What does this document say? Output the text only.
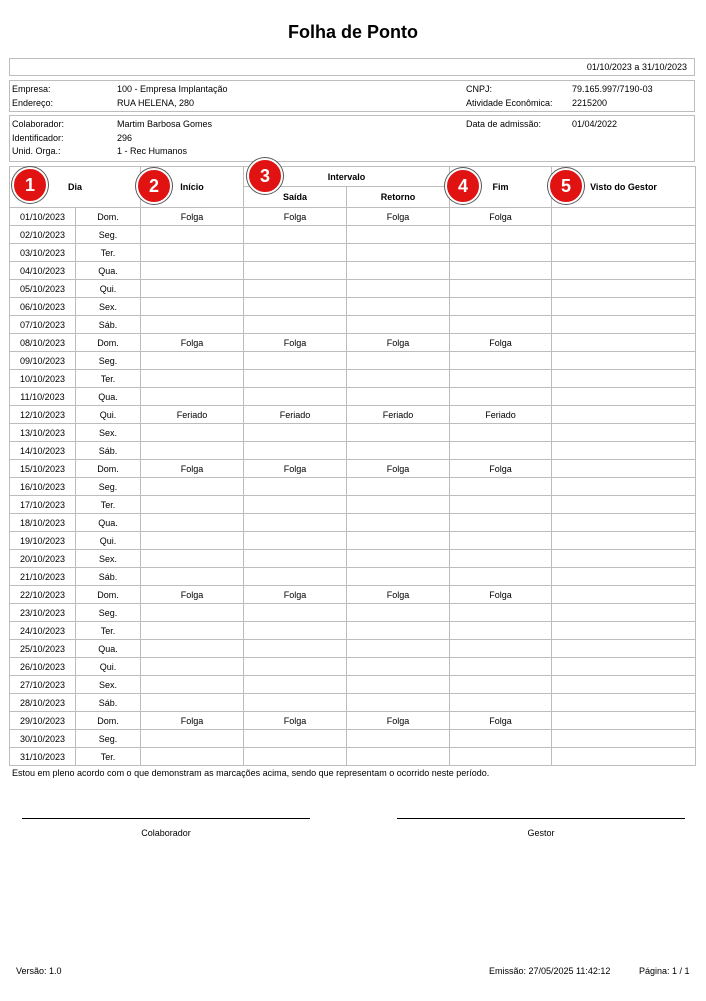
Folha de Ponto
01/10/2023 a 31/10/2023
Empresa:	100 - Empresa Implantação
Endereço:	RUA HELENA, 280
CNPJ:	79.165.997/7190-03
Atividade Econômica: 2215200
Colaborador:	Martim Barbosa Gomes
Identificador:	296
Unid. Orga.:	1 - Rec Humanos
Data de admissão:	01/04/2022
Dia		Início	Intervalo		Fim	Visto do Gestor
			Saída	Retorno		
01/10/2023	Dom.	Folga	Folga	Folga	Folga	
02/10/2023	Seg.					
03/10/2023	Ter.					
04/10/2023	Qua.					
05/10/2023	Qui.					
06/10/2023	Sex.					
07/10/2023	Sáb.					
08/10/2023	Dom.	Folga	Folga	Folga	Folga	
09/10/2023	Seg.					
10/10/2023	Ter.					
11/10/2023	Qua.					
12/10/2023	Qui.	Feriado	Feriado	Feriado	Feriado	
13/10/2023	Sex.					
14/10/2023	Sáb.					
15/10/2023	Dom.	Folga	Folga	Folga	Folga	
16/10/2023	Seg.					
17/10/2023	Ter.					
18/10/2023	Qua.					
19/10/2023	Qui.					
20/10/2023	Sex.					
21/10/2023	Sáb.					
22/10/2023	Dom.	Folga	Folga	Folga	Folga	
23/10/2023	Seg.					
24/10/2023	Ter.					
25/10/2023	Qua.					
26/10/2023	Qui.					
27/10/2023	Sex.					
28/10/2023	Sáb.					
29/10/2023	Dom.	Folga	Folga	Folga	Folga	
30/10/2023	Seg.					
31/10/2023	Ter.					
1	2	3	4	5
Estou em pleno acordo com o que demonstram as marcações acima, sendo que representam o ocorrido neste período.
Colaborador	Gestor
Versão: 1.0	Emissão: 27/05/2025 11:42:12	Página: 1 / 1
